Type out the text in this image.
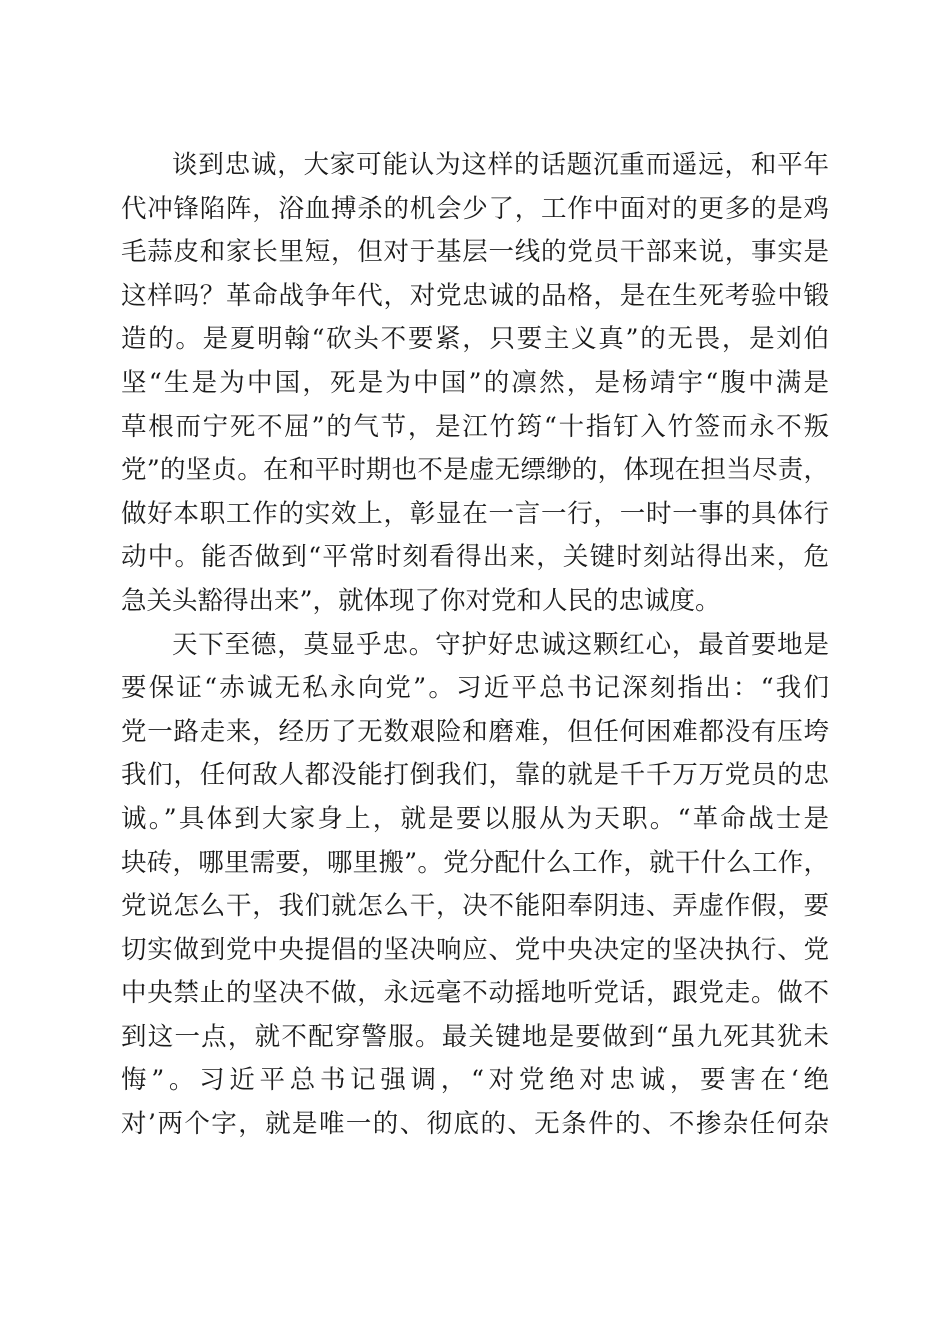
谈到忠诚，大家可能认为这样的话题沉重而遥远，和平年
代冲锋陷阵，浴血搏杀的机会少了，工作中面对的更多的是鸡
毛蒜皮和家长里短，但对于基层一线的党员干部来说，事实是
这样吗？革命战争年代，对党忠诚的品格，是在生死考验中锻
造的。是夏明翰“砍头不要紧，只要主义真”的无畏，是刘伯
坚“生是为中国，死是为中国”的凛然，是杨靖宇“腹中满是
草根而宁死不屈”的气节，是江竹筠“十指钉入竹签而永不叛
党”的坚贞。在和平时期也不是虚无缥缈的，体现在担当尽责，
做好本职工作的实效上，彰显在一言一行，一时一事的具体行
动中。能否做到“平常时刻看得出来，关键时刻站得出来，危
急关头豁得出来”，就体现了你对党和人民的忠诚度。
天下至德，莫显乎忠。守护好忠诚这颗红心，最首要地是
要保证“赤诚无私永向党”。习近平总书记深刻指出：“我们
党一路走来，经历了无数艰险和磨难，但任何困难都没有压垮
我们，任何敌人都没能打倒我们，靠的就是千千万万党员的忠
诚。”具体到大家身上，就是要以服从为天职。“革命战士是
块砖，哪里需要，哪里搬”。党分配什么工作，就干什么工作，
党说怎么干，我们就怎么干，决不能阳奉阴违、弄虚作假，要
切实做到党中央提倡的坚决响应、党中央决定的坚决执行、党
中央禁止的坚决不做，永远毫不动摇地听党话，跟党走。做不
到这一点，就不配穿警服。最关键地是要做到“虽九死其犹未
悔”。习近平总书记强调，“对党绝对忠诚，要害在‘绝
对’两个字，就是唯一的、彻底的、无条件的、不掺杂任何杂
